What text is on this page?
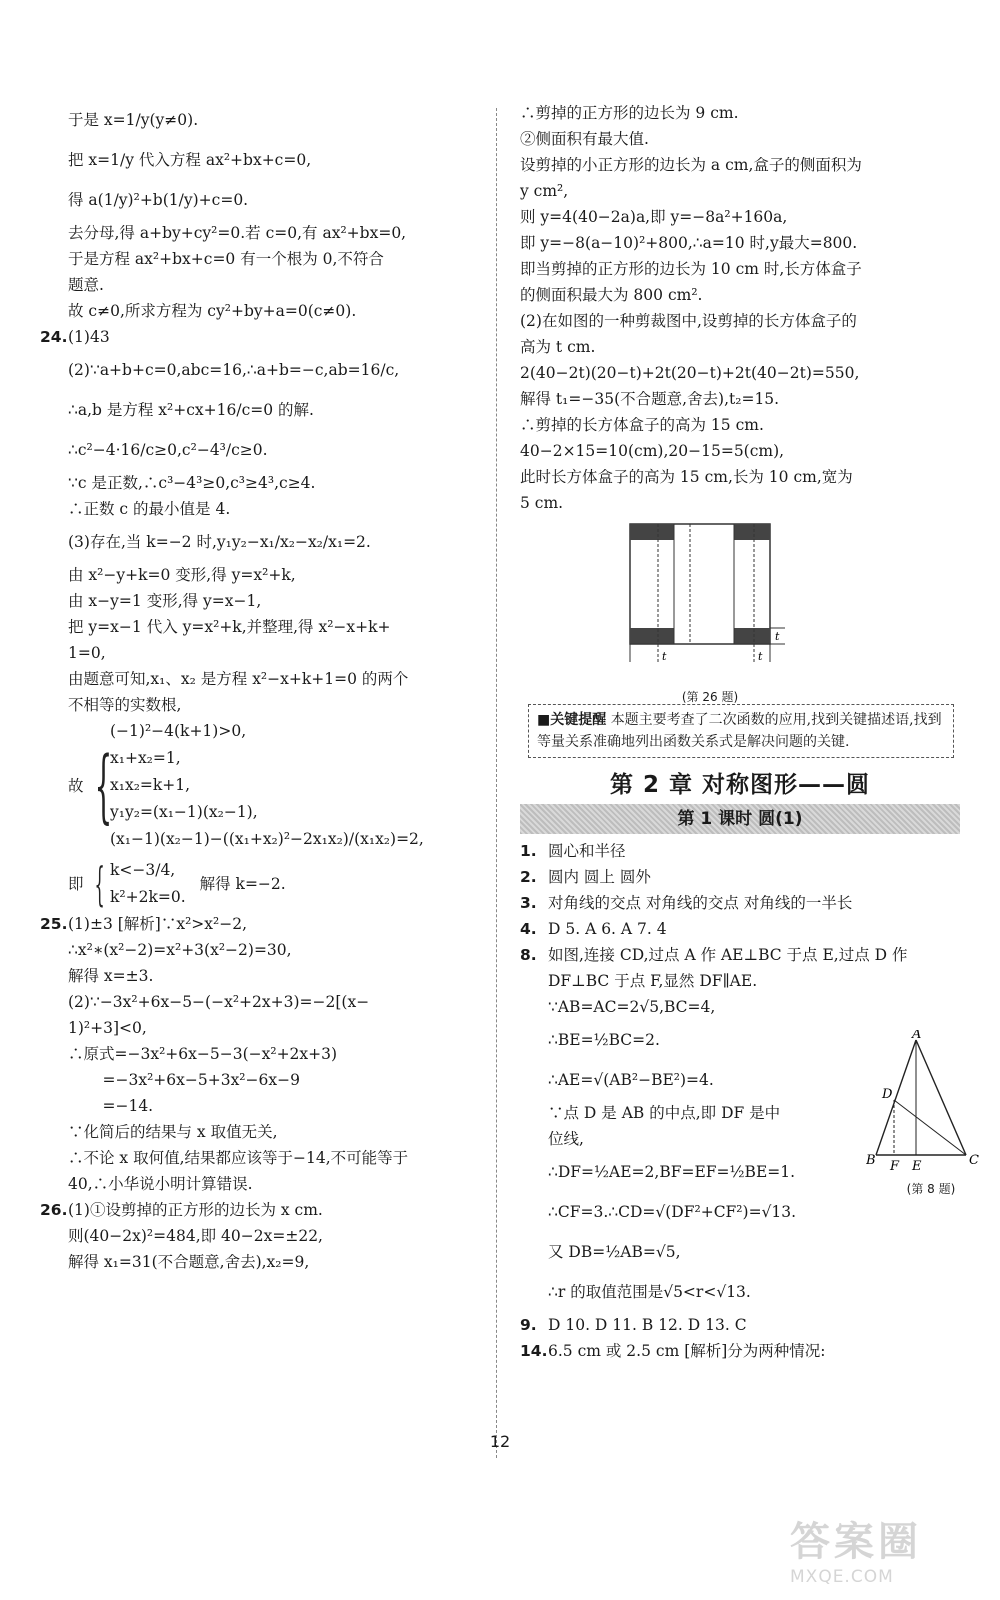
于是 x=1/y(y≠0).

把 x=1/y 代入方程 ax²+bx+c=0,

得 a(1/y)²+b(1/y)+c=0.

去分母,得 a+by+cy²=0.若 c=0,有 ax²+bx=0,

于是方程 ax²+bx+c=0 有一个根为 0,不符合

题意.

故 c≠0,所求方程为 cy²+by+a=0(c≠0).

24.(1)43

(2)∵a+b+c=0,abc=16,∴a+b=−c,ab=16/c,

∴a,b 是方程 x²+cx+16/c=0 的解.

∴c²−4·16/c≥0,c²−4³/c≥0.

∵c 是正数,∴c³−4³≥0,c³≥4³,c≥4.

∴正数 c 的最小值是 4.

(3)存在,当 k=−2 时,y₁y₂−x₁/x₂−x₂/x₁=2.

由 x²−y+k=0 变形,得 y=x²+k,

由 x−y=1 变形,得 y=x−1,

把 y=x−1 代入 y=x²+k,并整理,得 x²−x+k+

1=0,

由题意可知,x₁、x₂ 是方程 x²−x+k+1=0 的两个

不相等的实数根,

故 {

(−1)²−4(k+1)>0,

x₁+x₂=1,

x₁x₂=k+1,

y₁y₂=(x₁−1)(x₂−1),

(x₁−1)(x₂−1)−((x₁+x₂)²−2x₁x₂)/(x₁x₂)=2,

即 { k<−3/4,

k²+2k=0.

解得 k=−2.

25.(1)±3 [解析]∵x²>x²−2,

∴x²∗(x²−2)=x²+3(x²−2)=30,

解得 x=±3.

(2)∵−3x²+6x−5−(−x²+2x+3)=−2[(x−

1)²+3]<0,

∴原式=−3x²+6x−5−3(−x²+2x+3)

=−3x²+6x−5+3x²−6x−9

=−14.

∵化简后的结果与 x 取值无关,

∴不论 x 取何值,结果都应该等于−14,不可能等于

40,∴小华说小明计算错误.

26.(1)①设剪掉的正方形的边长为 x cm.

则(40−2x)²=484,即 40−2x=±22,

解得 x₁=31(不合题意,舍去),x₂=9,

∴剪掉的正方形的边长为 9 cm.

②侧面积有最大值.

设剪掉的小正方形的边长为 a cm,盒子的侧面积为

y cm²,

则 y=4(40−2a)a,即 y=−8a²+160a,

即 y=−8(a−10)²+800,∴a=10 时,y最大=800.

即当剪掉的正方形的边长为 10 cm 时,长方体盒子

的侧面积最大为 800 cm².

(2)在如图的一种剪裁图中,设剪掉的长方体盒子的

高为 t cm.

2(40−2t)(20−t)+2t(20−t)+2t(40−2t)=550,

解得 t₁=−35(不合题意,舍去),t₂=15.

∴剪掉的长方体盒子的高为 15 cm.

40−2×15=10(cm),20−15=5(cm),

此时长方体盒子的高为 15 cm,长为 10 cm,宽为

5 cm.

t
t	t
(第 26 题)
■关键提醒 本题主要考查了二次函数的应用,找到关键描述语,找到等量关系准确地列出函数关系式是解决问题的关键.
第 2 章 对称图形——圆
第 1 课时 圆(1)

1. 圆心和半径

2. 圆内 圆上 圆外

3. 对角线的交点 对角线的交点 对角线的一半长

4. D 5. A 6. A 7. 4

8. 如图,连接 CD,过点 A 作 AE⊥BC 于点 E,过点 D 作

DF⊥BC 于点 F,显然 DF∥AE.

∵AB=AC=2√5,BC=4,

∴BE=½BC=2.

∴AE=√(AB²−BE²)=4.

∵点 D 是 AB 的中点,即 DF 是中

位线,

∴DF=½AE=2,BF=EF=½BE=1.

∴CF=3.∴CD=√(DF²+CF²)=√13.

又 DB=½AB=√5,

∴r 的取值范围是√5<r<√13.

9. D 10. D 11. B 12. D 13. C

14.6.5 cm 或 2.5 cm [解析]分为两种情况:

A
B	C
D
E
F
(第 8 题)
12
答案圈
MXQE.COM
